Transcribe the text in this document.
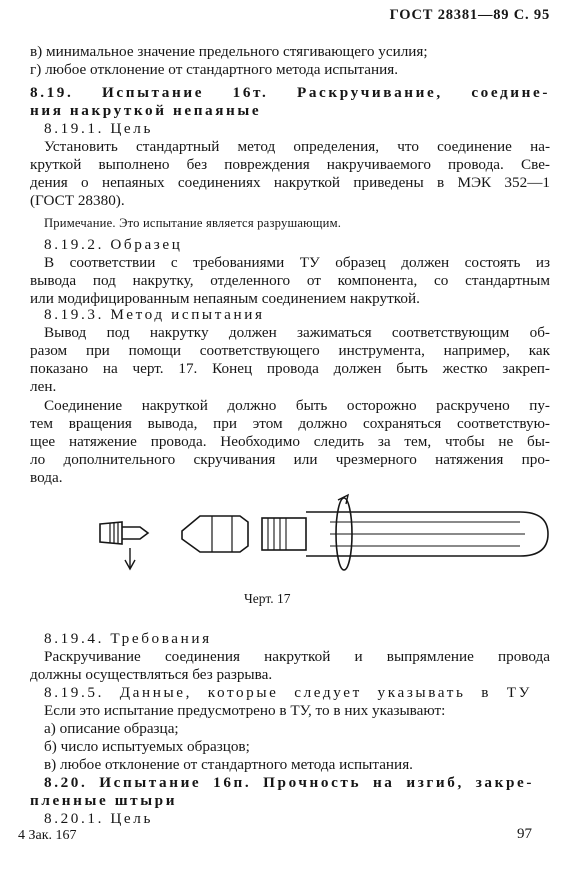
ГОСТ 28381—89 С. 95
в) минимальное значение предельного стягивающего усилия;
г) любое отклонение от стандартного метода испытания.
8.19. Испытание 16т. Раскручивание, соедине-
ния накруткой непаяные
8.19.1. Цель
Установить стандартный метод определения, что соединение на-
круткой выполнено без повреждения накручиваемого провода. Све-
дения о непаяных соединениях накруткой приведены в МЭК 352—1
(ГОСТ 28380).
Примечание. Это испытание является разрушающим.
8.19.2. Образец
В соответствии с требованиями ТУ образец должен состоять из
вывода под накрутку, отделенного от компонента, со стандартным
или модифицированным непаяным соединением накруткой.
8.19.3. Метод испытания
Вывод под накрутку должен зажиматься соответствующим об-
разом при помощи соответствующего инструмента, например, как
показано на черт. 17. Конец провода должен быть жестко закреп-
лен.
Соединение накруткой должно быть осторожно раскручено пу-
тем вращения вывода, при этом должно сохраняться соответствую-
щее натяжение провода. Необходимо следить за тем, чтобы не бы-
ло дополнительного скручивания или чрезмерного натяжения про-
вода.
Черт. 17
8.19.4. Требования
Раскручивание соединения накруткой и выпрямление провода
должны осуществляться без разрыва.
8.19.5. Данные, которые следует указывать в ТУ
Если это испытание предусмотрено в ТУ, то в них указывают:
а) описание образца;
б) число испытуемых образцов;
в) любое отклонение от стандартного метода испытания.
8.20. Испытание 16п. Прочность на изгиб, закре-
пленные штыри
8.20.1. Цель
4 Зак. 167	97
